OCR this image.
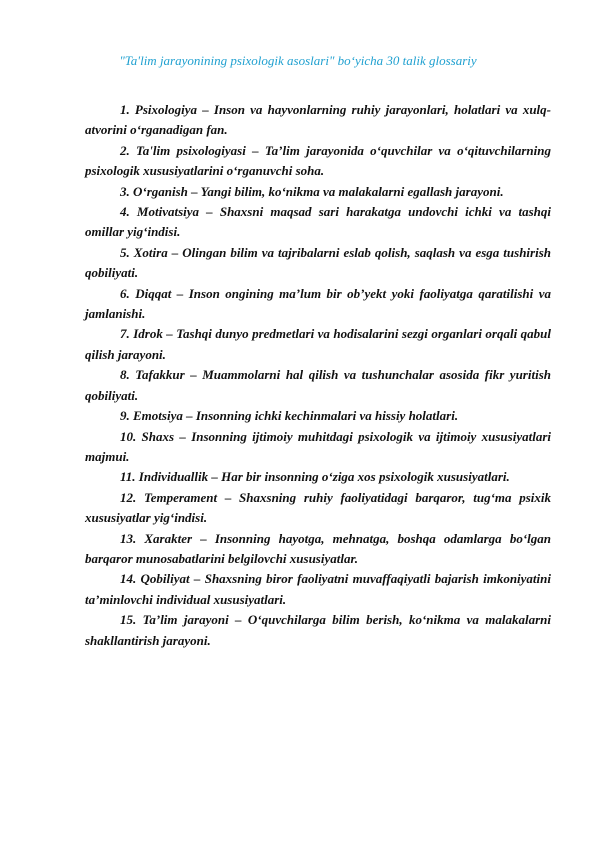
"Ta'lim jarayonining psixologik asoslari" bo‘yicha 30 talik glossariy

1. Psixologiya – Inson va hayvonlarning ruhiy jarayonlari, holatlari va xulq-atvorini o‘rganadigan fan.

2. Ta'lim psixologiyasi – Ta’lim jarayonida o‘quvchilar va o‘qituvchilarning psixologik xususiyatlarini o‘rganuvchi soha.

3. O‘rganish – Yangi bilim, ko‘nikma va malakalarni egallash jarayoni.

4. Motivatsiya – Shaxsni maqsad sari harakatga undovchi ichki va tashqi omillar yig‘indisi.

5. Xotira – Olingan bilim va tajribalarni eslab qolish, saqlash va esga tushirish qobiliyati.

6. Diqqat – Inson ongining ma’lum bir ob’yekt yoki faoliyatga qaratilishi va jamlanishi.

7. Idrok – Tashqi dunyo predmetlari va hodisalarini sezgi organlari orqali qabul qilish jarayoni.

8. Tafakkur – Muammolarni hal qilish va tushunchalar asosida fikr yuritish qobiliyati.

9. Emotsiya – Insonning ichki kechinmalari va hissiy holatlari.

10. Shaxs – Insonning ijtimoiy muhitdagi psixologik va ijtimoiy xususiyatlari majmui.

11. Individuallik – Har bir insonning o‘ziga xos psixologik xususiyatlari.

12. Temperament – Shaxsning ruhiy faoliyatidagi barqaror, tug‘ma psixik xususiyatlar yig‘indisi.

13. Xarakter – Insonning hayotga, mehnatga, boshqa odamlarga bo‘lgan barqaror munosabatlarini belgilovchi xususiyatlar.

14. Qobiliyat – Shaxsning biror faoliyatni muvaffaqiyatli bajarish imkoniyatini ta’minlovchi individual xususiyatlari.

15. Ta’lim jarayoni – O‘quvchilarga bilim berish, ko‘nikma va malakalarni shakllantirish jarayoni.
